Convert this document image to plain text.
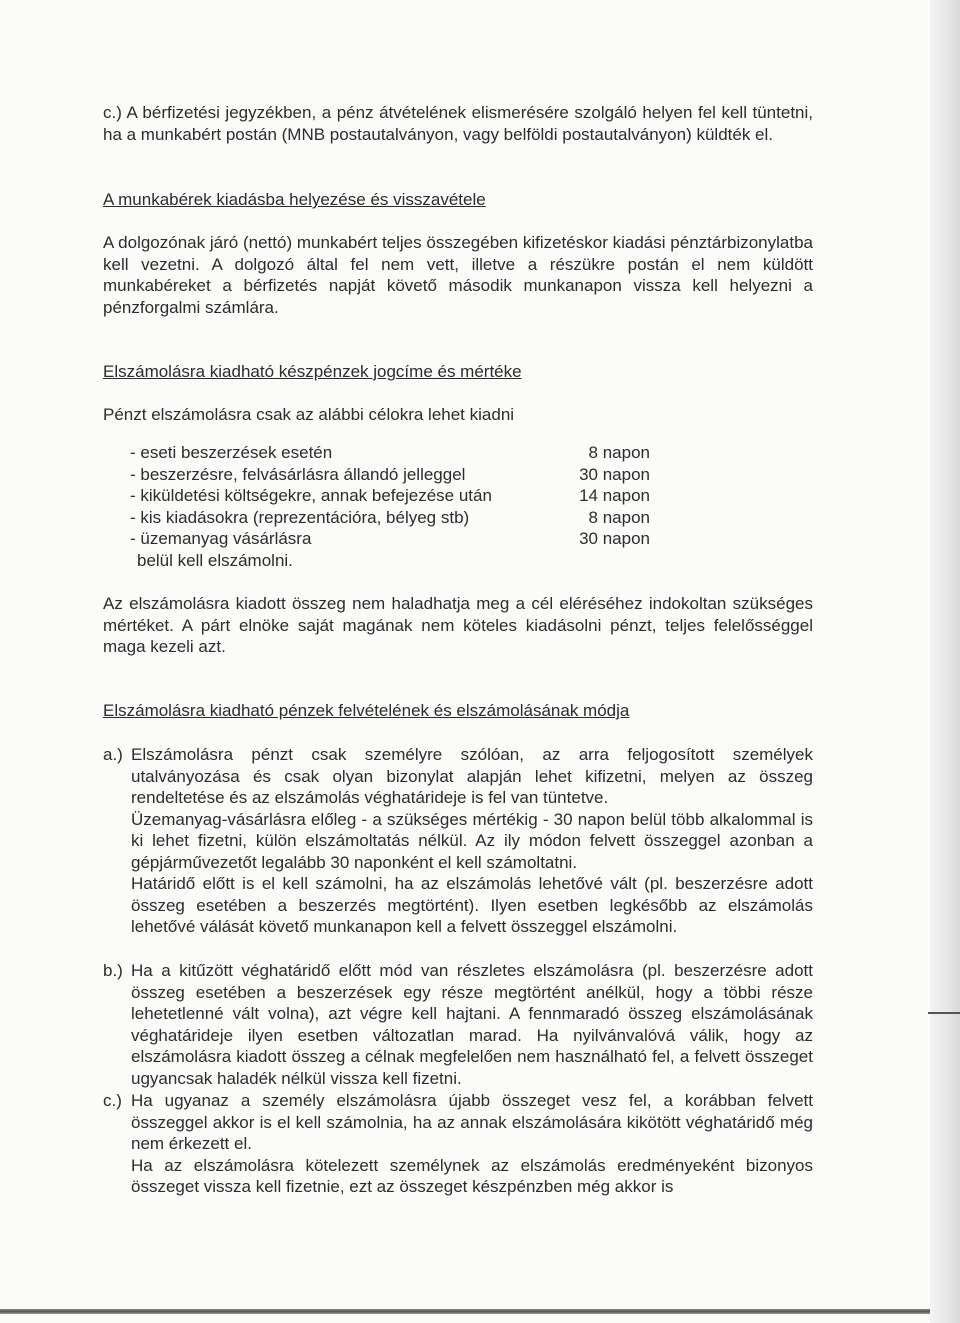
c.) A bérfizetési jegyzékben, a pénz átvételének elismerésére szolgáló helyen fel kell tüntetni, ha a munkabért postán (MNB postautalványon, vagy belföldi postautalványon) küldték el.

A munkabérek kiadásba helyezése és visszavétele

A dolgozónak járó (nettó) munkabért teljes összegében kifizetéskor kiadási pénztárbizonylatba kell vezetni. A dolgozó által fel nem vett, illetve a részükre postán el nem küldött munkabéreket a bérfizetés napját követő második munkanapon vissza kell helyezni a pénzforgalmi számlára.

Elszámolásra kiadható készpénzek jogcíme és mértéke

Pénzt elszámolásra csak az alábbi célokra lehet kiadni

- eseti beszerzések esetén	8 napon
- beszerzésre, felvásárlásra állandó jelleggel	30 napon
- kiküldetési költségekre, annak befejezése után	14 napon
- kis kiadásokra (reprezentációra, bélyeg stb)	8 napon
- üzemanyag vásárlásra	30 napon
belül kell elszámolni.

Az elszámolásra kiadott összeg nem haladhatja meg a cél eléréséhez indokoltan szükséges mértéket. A párt elnöke saját magának nem köteles kiadásolni pénzt, teljes felelősséggel maga kezeli azt.

Elszámolásra kiadható pénzek felvételének és elszámolásának módja

a.) Elszámolásra pénzt csak személyre szólóan, az arra feljogosított személyek utalványozása és csak olyan bizonylat alapján lehet kifizetni, melyen az összeg rendeltetése és az elszámolás véghatárideje is fel van tüntetve.

Üzemanyag-vásárlásra előleg - a szükséges mértékig - 30 napon belül több alkalommal is ki lehet fizetni, külön elszámoltatás nélkül. Az ily módon felvett összeggel azonban a gépjárművezetőt legalább 30 naponként el kell számoltatni.

Határidő előtt is el kell számolni, ha az elszámolás lehetővé vált (pl. beszerzésre adott összeg esetében a beszerzés megtörtént). Ilyen esetben legkésőbb az elszámolás lehetővé válását követő munkanapon kell a felvett összeggel elszámolni.

b.) Ha a kitűzött véghatáridő előtt mód van részletes elszámolásra (pl. beszerzésre adott összeg esetében a beszerzések egy része megtörtént anélkül, hogy a többi része lehetetlenné vált volna), azt végre kell hajtani. A fennmaradó összeg elszámolásának véghatárideje ilyen esetben változatlan marad. Ha nyilvánvalóvá válik, hogy az elszámolásra kiadott összeg a célnak megfelelően nem használható fel, a felvett összeget ugyancsak haladék nélkül vissza kell fizetni.

c.) Ha ugyanaz a személy elszámolásra újabb összeget vesz fel, a korábban felvett összeggel akkor is el kell számolnia, ha az annak elszámolására kikötött véghatáridő még nem érkezett el.

Ha az elszámolásra kötelezett személynek az elszámolás eredményeként bizonyos összeget vissza kell fizetnie, ezt az összeget készpénzben még akkor is
